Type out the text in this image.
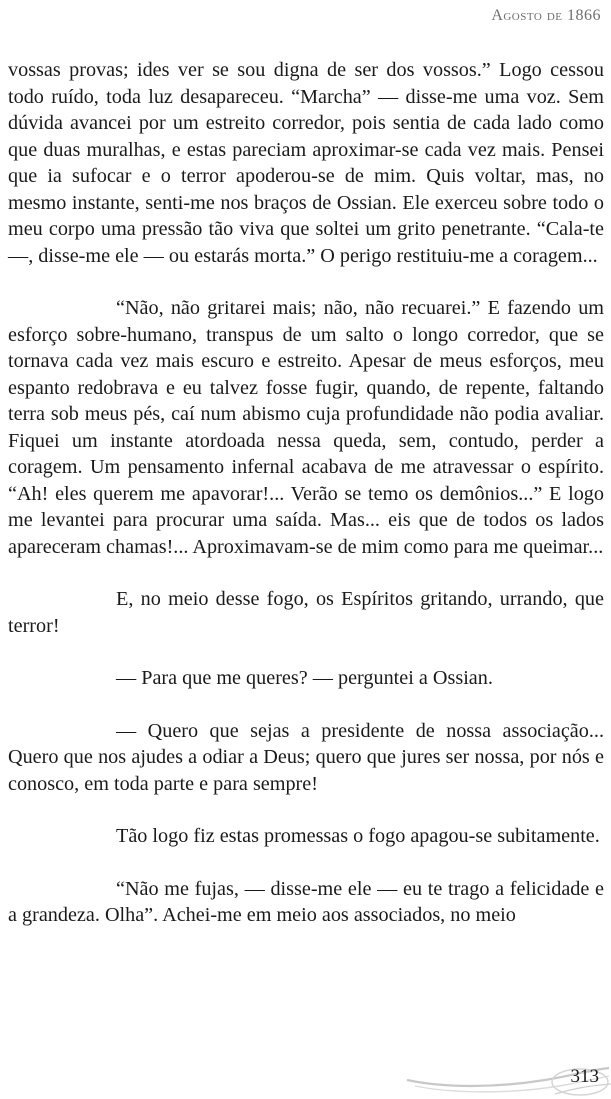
Agosto de 1866

vossas provas; ides ver se sou digna de ser dos vossos.” Logo cessou todo ruído, toda luz desapareceu. “Marcha” — disse-me uma voz. Sem dúvida avancei por um estreito corredor, pois sentia de cada lado como que duas muralhas, e estas pareciam aproximar-se cada vez mais. Pensei que ia sufocar e o terror apoderou-se de mim. Quis voltar, mas, no mesmo instante, senti-me nos braços de Ossian. Ele exerceu sobre todo o meu corpo uma pressão tão viva que soltei um grito penetrante. “Cala-te —, disse-me ele — ou estarás morta.” O perigo restituiu-me a coragem...

“Não, não gritarei mais; não, não recuarei.” E fazendo um esforço sobre-humano, transpus de um salto o longo corredor, que se tornava cada vez mais escuro e estreito. Apesar de meus esforços, meu espanto redobrava e eu talvez fosse fugir, quando, de repente, faltando terra sob meus pés, caí num abismo cuja profundidade não podia avaliar. Fiquei um instante atordoada nessa queda, sem, contudo, perder a coragem. Um pensamento infernal acabava de me atravessar o espírito. “Ah! eles querem me apavorar!... Verão se temo os demônios...” E logo me levantei para procurar uma saída. Mas... eis que de todos os lados apareceram chamas!... Aproximavam-se de mim como para me queimar...

E, no meio desse fogo, os Espíritos gritando, urrando, que terror!

— Para que me queres? — perguntei a Ossian.

— Quero que sejas a presidente de nossa associação... Quero que nos ajudes a odiar a Deus; quero que jures ser nossa, por nós e conosco, em toda parte e para sempre!

Tão logo fiz estas promessas o fogo apagou-se subitamente.

“Não me fujas, — disse-me ele — eu te trago a felicidade e a grandeza. Olha”. Achei-me em meio aos associados, no meio

313
